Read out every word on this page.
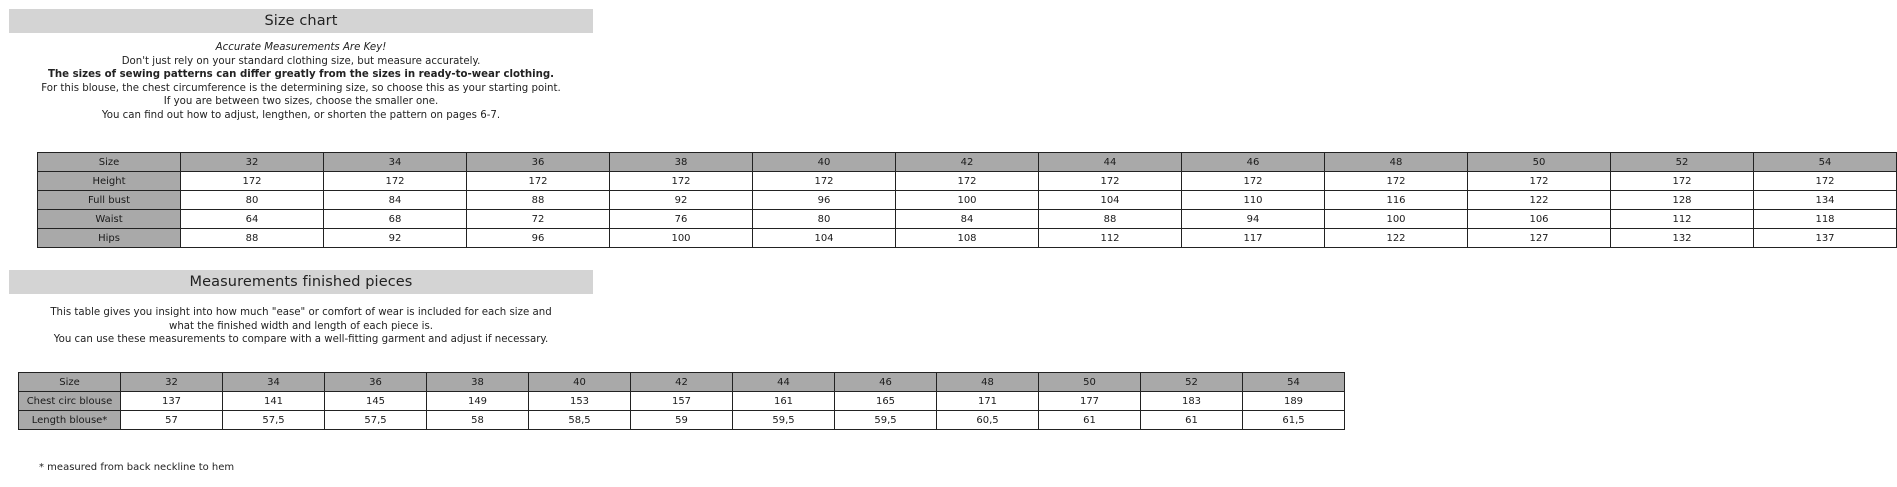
Size chart
Accurate Measurements Are Key!
Don't just rely on your standard clothing size, but measure accurately.
The sizes of sewing patterns can differ greatly from the sizes in ready-to-wear clothing.
For this blouse, the chest circumference is the determining size, so choose this as your starting point.
If you are between two sizes, choose the smaller one.
You can find out how to adjust, lengthen, or shorten the pattern on pages 6-7.
Size	32	34	36	38	40	42	44	46	48	50	52	54
Height	172	172	172	172	172	172	172	172	172	172	172	172
Full bust	80	84	88	92	96	100	104	110	116	122	128	134
Waist	64	68	72	76	80	84	88	94	100	106	112	118
Hips	88	92	96	100	104	108	112	117	122	127	132	137
Measurements finished pieces
This table gives you insight into how much "ease" or comfort of wear is included for each size and
what the finished width and length of each piece is.
You can use these measurements to compare with a well-fitting garment and adjust if necessary.
Size	32	34	36	38	40	42	44	46	48	50	52	54
Chest circ blouse	137	141	145	149	153	157	161	165	171	177	183	189
Length blouse*	57	57,5	57,5	58	58,5	59	59,5	59,5	60,5	61	61	61,5
* measured from back neckline to hem
